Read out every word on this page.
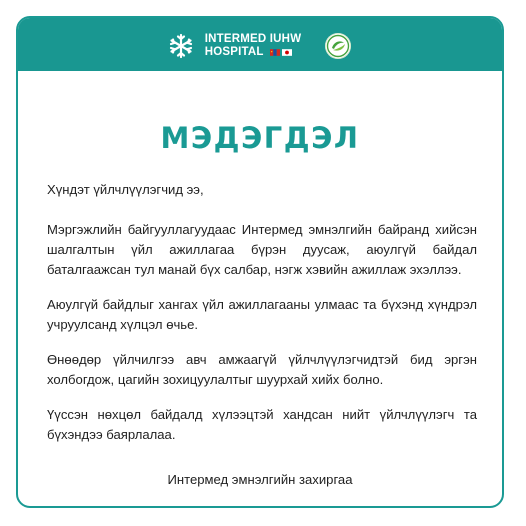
INTERMED IUHW
HOSPITAL
МЭДЭГДЭЛ

Хүндэт үйлчлүүлэгчид ээ,

Мэргэжлийн байгууллагуудаас Интермед эмнэлгийн байранд хийсэн шалгалтын үйл ажиллагаа бүрэн дуусаж, аюулгүй байдал баталгаажсан тул манай бүх салбар, нэгж хэвийн ажиллаж эхэллээ.

Аюулгүй байдлыг хангах үйл ажиллагааны улмаас та бүхэнд хүндрэл учруулсанд хүлцэл өчье.

Өнөөдөр үйлчилгээ авч амжаагүй үйлчлүүлэгчидтэй бид эргэн холбогдож, цагийн зохицуулалтыг шуурхай хийх болно.

Үүссэн нөхцөл байдалд хүлээцтэй хандсан нийт үйлчлүүлэгч та бүхэндээ баярлалаа.

Интермед эмнэлгийн захиргаа
